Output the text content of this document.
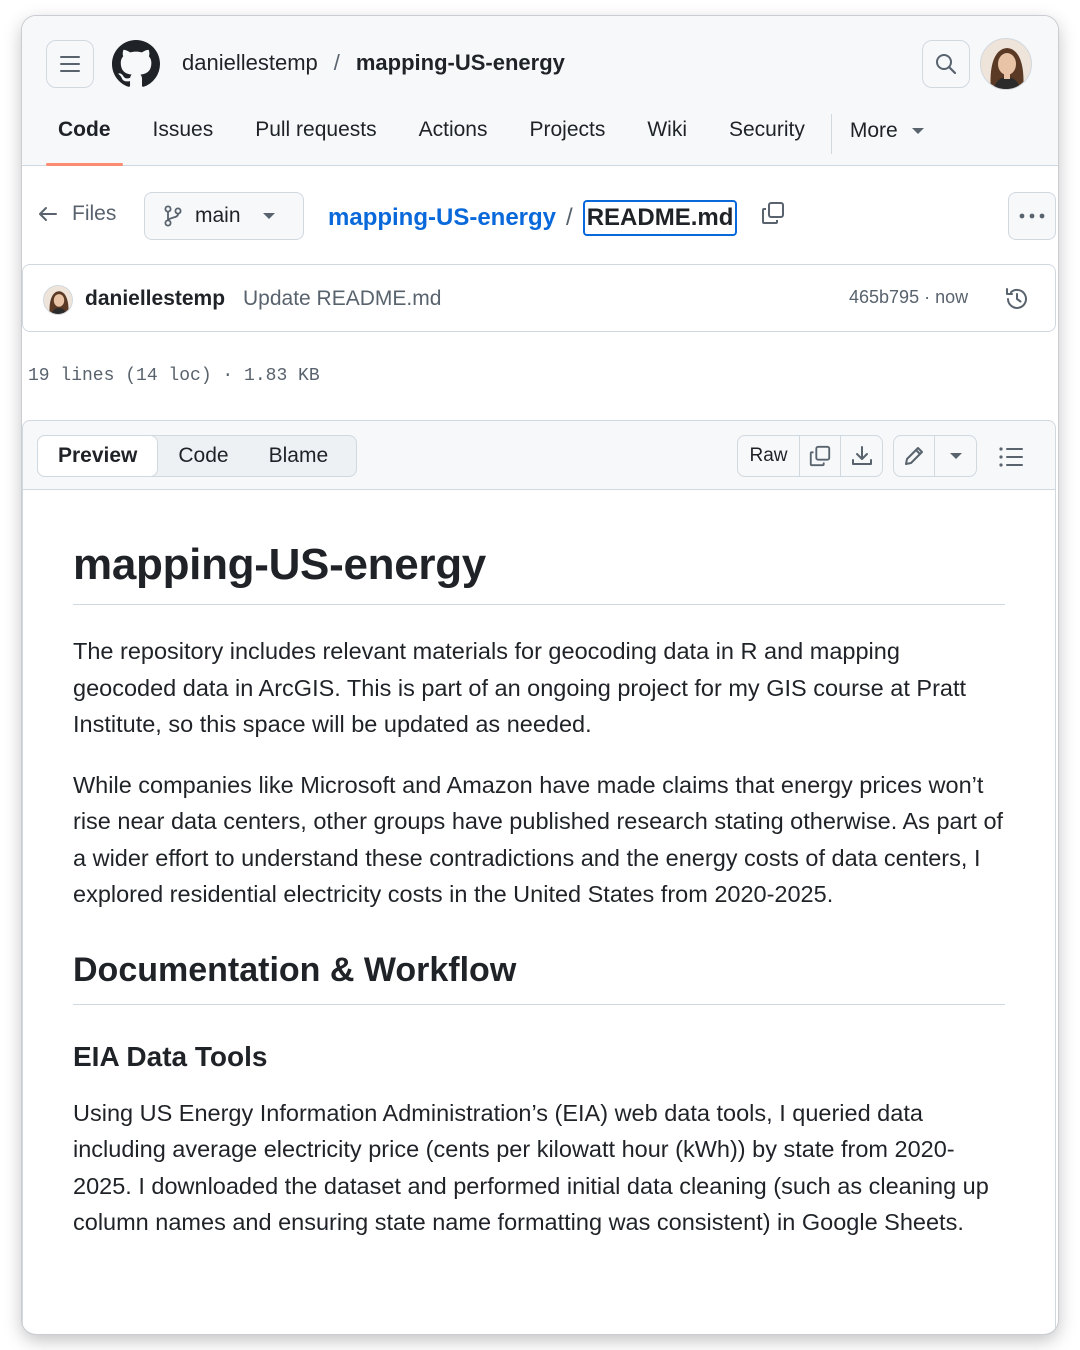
daniellestemp / mapping-US-energy
Code	Issues	Pull requests	Actions	Projects	Wiki	Security	More
Files	main	mapping-US-energy / README.md
daniellestemp Update README.md	465b795 · now
19 lines (14 loc) · 1.83 KB
Preview	Code	Blame	Raw
mapping-US-energy

The repository includes relevant materials for geocoding data in R and mapping geocoded data in ArcGIS. This is part of an ongoing project for my GIS course at Pratt Institute, so this space will be updated as needed.

While companies like Microsoft and Amazon have made claims that energy prices won’t rise near data centers, other groups have published research stating otherwise. As part of a wider effort to understand these contradictions and the energy costs of data centers, I explored residential electricity costs in the United States from 2020-2025.

Documentation & Workflow
EIA Data Tools

Using US Energy Information Administration’s (EIA) web data tools, I queried data including average electricity price (cents per kilowatt hour (kWh)) by state from 2020-2025. I downloaded the dataset and performed initial data cleaning (such as cleaning up column names and ensuring state name formatting was consistent) in Google Sheets.
